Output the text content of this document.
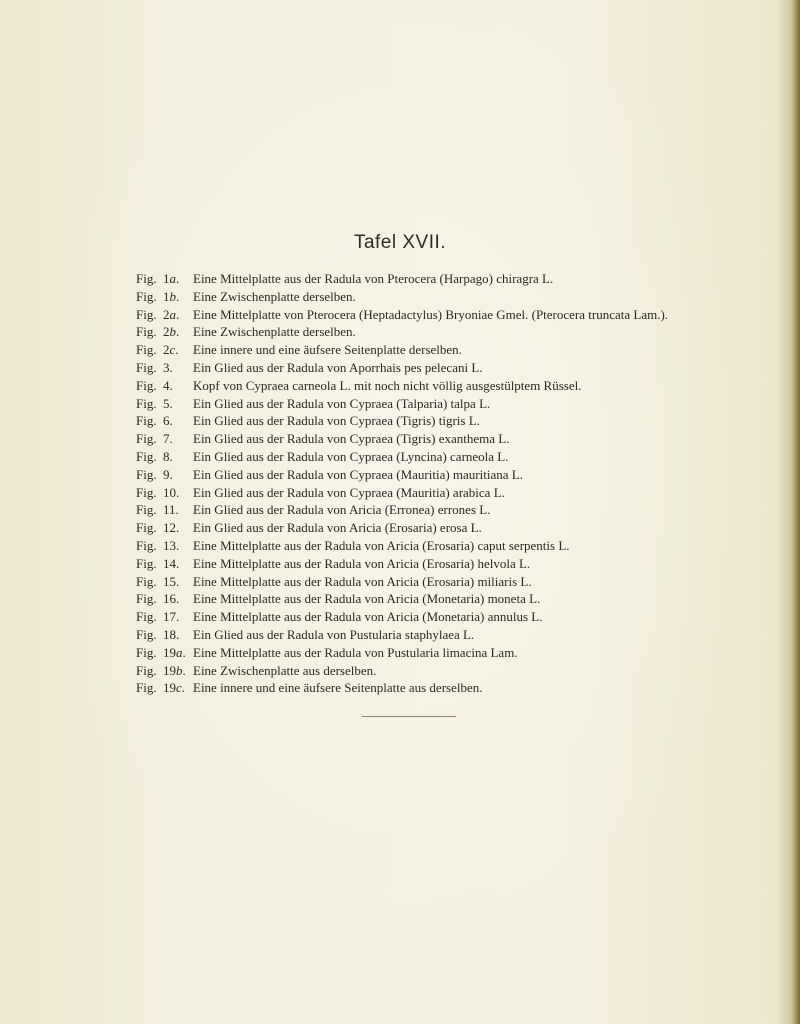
Tafel XVII.
Fig. 1a.	Eine Mittelplatte aus der Radula von Pterocera (Harpago) chiragra L.
Fig. 1b.	Eine Zwischenplatte derselben.
Fig. 2a.	Eine Mittelplatte von Pterocera (Heptadactylus) Bryoniae Gmel. (Pterocera truncata Lam.).
Fig. 2b.	Eine Zwischenplatte derselben.
Fig. 2c.	Eine innere und eine äufsere Seitenplatte derselben.
Fig. 3.	Ein Glied aus der Radula von Aporrhais pes pelecani L.
Fig. 4.	Kopf von Cypraea carneola L. mit noch nicht völlig ausgestülptem Rüssel.
Fig. 5.	Ein Glied aus der Radula von Cypraea (Talparia) talpa L.
Fig. 6.	Ein Glied aus der Radula von Cypraea (Tigris) tigris L.
Fig. 7.	Ein Glied aus der Radula von Cypraea (Tigris) exanthema L.
Fig. 8.	Ein Glied aus der Radula von Cypraea (Lyncina) carneola L.
Fig. 9.	Ein Glied aus der Radula von Cypraea (Mauritia) mauritiana L.
Fig. 10.	Ein Glied aus der Radula von Cypraea (Mauritia) arabica L.
Fig. 11.	Ein Glied aus der Radula von Aricia (Erronea) errones L.
Fig. 12.	Ein Glied aus der Radula von Aricia (Erosaria) erosa L.
Fig. 13.	Eine Mittelplatte aus der Radula von Aricia (Erosaria) caput serpentis L.
Fig. 14.	Eine Mittelplatte aus der Radula von Aricia (Erosaria) helvola L.
Fig. 15.	Eine Mittelplatte aus der Radula von Aricia (Erosaria) miliaris L.
Fig. 16.	Eine Mittelplatte aus der Radula von Aricia (Monetaria) moneta L.
Fig. 17.	Eine Mittelplatte aus der Radula von Aricia (Monetaria) annulus L.
Fig. 18.	Ein Glied aus der Radula von Pustularia staphylaea L.
Fig. 19a. Eine Mittelplatte aus der Radula von Pustularia limacina Lam.
Fig. 19b. Eine Zwischenplatte aus derselben.
Fig. 19c. Eine innere und eine äufsere Seitenplatte aus derselben.
